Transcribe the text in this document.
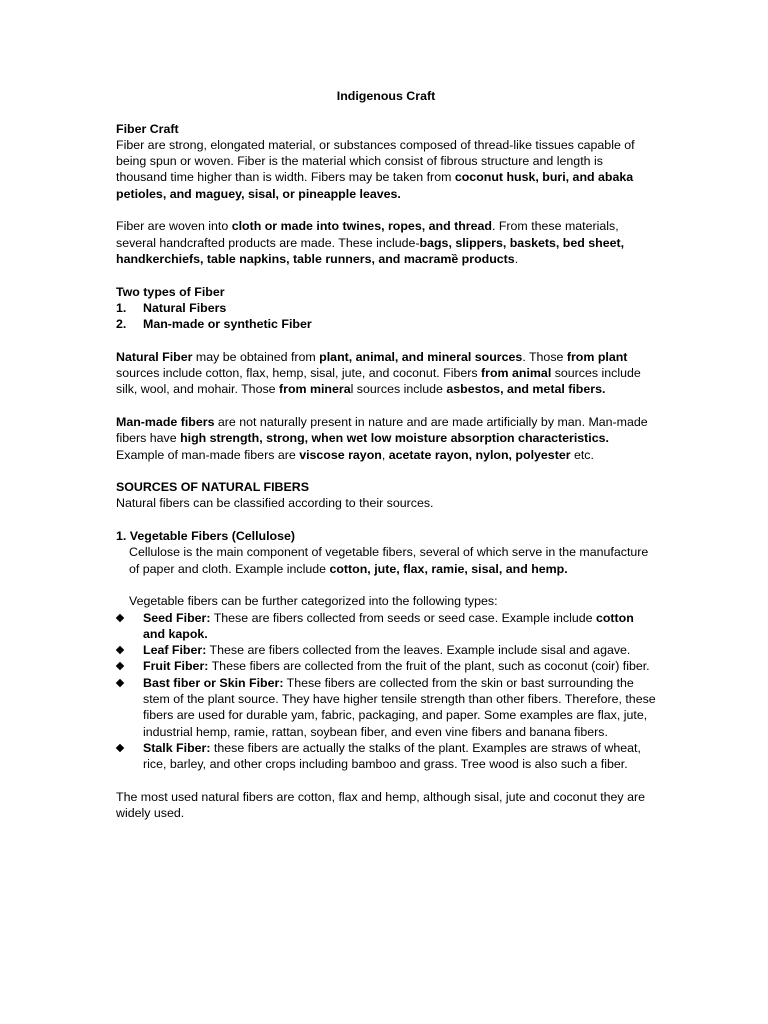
Indigenous Craft

Fiber Craft

Fiber are strong, elongated material, or substances composed of thread-like tissues capable of being spun or woven. Fiber is the material which consist of fibrous structure and length is thousand time higher than is width. Fibers may be taken from coconut husk, buri, and abaka petioles, and maguey, sisal, or pineapple leaves.

Fiber are woven into cloth or made into twines, ropes, and thread. From these materials, several handcrafted products are made. These include-bags, slippers, baskets, bed sheet, handkerchiefs, table napkins, table runners, and macramȅ products.

Two types of Fiber

1. Natural Fibers
2. Man-made or synthetic Fiber

Natural Fiber may be obtained from plant, animal, and mineral sources. Those from plant sources include cotton, flax, hemp, sisal, jute, and coconut. Fibers from animal sources include silk, wool, and mohair. Those from mineral sources include asbestos, and metal fibers.

Man-made fibers are not naturally present in nature and are made artificially by man. Man-made fibers have high strength, strong, when wet low moisture absorption characteristics. Example of man-made fibers are viscose rayon, acetate rayon, nylon, polyester etc.

SOURCES OF NATURAL FIBERS

Natural fibers can be classified according to their sources.

1. Vegetable Fibers (Cellulose)

Cellulose is the main component of vegetable fibers, several of which serve in the manufacture of paper and cloth. Example include cotton, jute, flax, ramie, sisal, and hemp.

Vegetable fibers can be further categorized into the following types:

Seed Fiber: These are fibers collected from seeds or seed case. Example include cotton and kapok.
Leaf Fiber: These are fibers collected from the leaves. Example include sisal and agave.
Fruit Fiber: These fibers are collected from the fruit of the plant, such as coconut (coir) fiber.
Bast fiber or Skin Fiber: These fibers are collected from the skin or bast surrounding the stem of the plant source. They have higher tensile strength than other fibers. Therefore, these fibers are used for durable yam, fabric, packaging, and paper. Some examples are flax, jute, industrial hemp, ramie, rattan, soybean fiber, and even vine fibers and banana fibers.
Stalk Fiber: these fibers are actually the stalks of the plant. Examples are straws of wheat, rice, barley, and other crops including bamboo and grass. Tree wood is also such a fiber.

The most used natural fibers are cotton, flax and hemp, although sisal, jute and coconut they are widely used.
